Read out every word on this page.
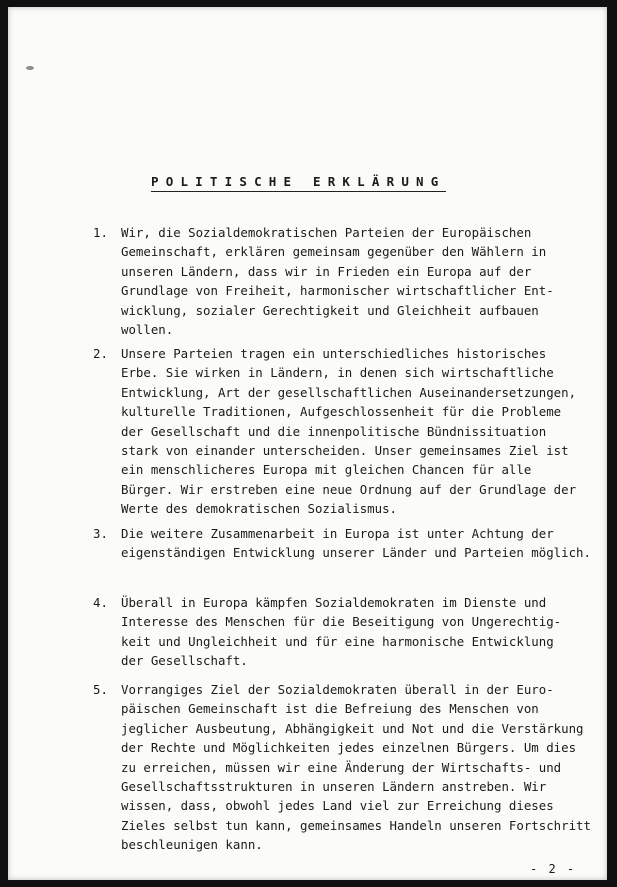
POLITISCHE ERKLÄRUNG
1.	Wir, die Sozialdemokratischen Parteien der Europäischen
Gemeinschaft, erklären gemeinsam gegenüber den Wählern in
unseren Ländern, dass wir in Frieden ein Europa auf der
Grundlage von Freiheit, harmonischer wirtschaftlicher Ent-
wicklung, sozialer Gerechtigkeit und Gleichheit aufbauen
wollen.
2.	Unsere Parteien tragen ein unterschiedliches historisches
Erbe. Sie wirken in Ländern, in denen sich wirtschaftliche
Entwicklung, Art der gesellschaftlichen Auseinandersetzungen,
kulturelle Traditionen, Aufgeschlossenheit für die Probleme
der Gesellschaft und die innenpolitische Bündnissituation
stark von einander unterscheiden. Unser gemeinsames Ziel ist
ein menschlicheres Europa mit gleichen Chancen für alle
Bürger. Wir erstreben eine neue Ordnung auf der Grundlage der
Werte des demokratischen Sozialismus.
3.	Die weitere Zusammenarbeit in Europa ist unter Achtung der
eigenständigen Entwicklung unserer Länder und Parteien möglich.
4.	Überall in Europa kämpfen Sozialdemokraten im Dienste und
Interesse des Menschen für die Beseitigung von Ungerechtig-
keit und Ungleichheit und für eine harmonische Entwicklung
der Gesellschaft.
5.	Vorrangiges Ziel der Sozialdemokraten überall in der Euro-
päischen Gemeinschaft ist die Befreiung des Menschen von
jeglicher Ausbeutung, Abhängigkeit und Not und die Verstärkung
der Rechte und Möglichkeiten jedes einzelnen Bürgers. Um dies
zu erreichen, müssen wir eine Änderung der Wirtschafts- und
Gesellschaftsstrukturen in unseren Ländern anstreben. Wir
wissen, dass, obwohl jedes Land viel zur Erreichung dieses
Zieles selbst tun kann, gemeinsames Handeln unseren Fortschritt
beschleunigen kann.
- 2 -
